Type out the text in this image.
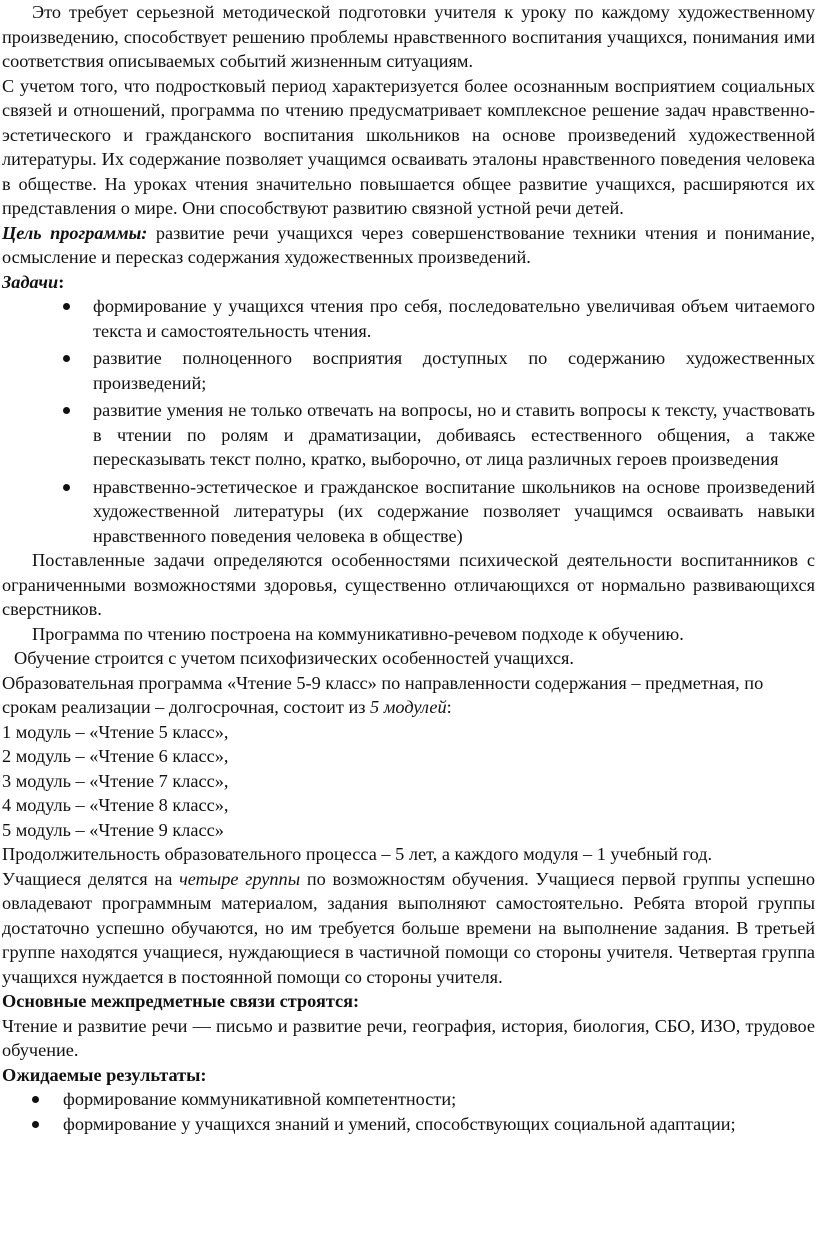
Это требует серьезной методической подготовки учителя к уроку по каждому художественному произведению, способствует решению проблемы нравственного воспитания учащихся, понимания ими соответствия описываемых событий жизненным ситуациям.

С учетом того, что подростковый период характеризуется более осознанным восприятием социальных связей и отношений, программа по чтению предусматривает комплексное решение задач нравственно-эстетического и гражданского воспитания школьников на основе произведений художественной литературы. Их содержание позволяет учащимся осваивать эталоны нравственного поведения человека в обществе. На уроках чтения значительно повышается общее развитие учащихся, расширяются их представления о мире. Они способствуют развитию связной устной речи детей.

Цель программы: развитие речи учащихся через совершенствование техники чтения и понимание, осмысление и пересказ содержания художественных произведений.

Задачи:

формирование у учащихся чтения про себя, последовательно увеличивая объем читаемого текста и самостоятельность чтения.
развитие полноценного восприятия доступных по содержанию художественных произведений;
развитие умения не только отвечать на вопросы, но и ставить вопросы к тексту, участвовать в чтении по ролям и драматизации, добиваясь естественного общения, а также пересказывать текст полно, кратко, выборочно, от лица различных героев произведения
нравственно-эстетическое и гражданское воспитание школьников на основе произведений художественной литературы (их содержание позволяет учащимся осваивать навыки нравственного поведения человека в обществе)

Поставленные задачи определяются особенностями психической деятельности воспитанников с ограниченными возможностями здоровья, существенно отличающихся от нормально развивающихся сверстников.

Программа по чтению построена на коммуникативно-речевом подходе к обучению.

Обучение строится с учетом психофизических особенностей учащихся.

Образовательная программа «Чтение 5-9 класс» по направленности содержания – предметная, по срокам реализации – долгосрочная, состоит из 5 модулей:

1 модуль – «Чтение 5 класс»,
2 модуль – «Чтение 6 класс»,
3 модуль – «Чтение 7 класс»,
4 модуль – «Чтение 8 класс»,
5 модуль – «Чтение 9 класс»

Продолжительность образовательного процесса – 5 лет, а каждого модуля – 1 учебный год.

Учащиеся делятся на четыре группы по возможностям обучения. Учащиеся первой группы успешно овладевают программным материалом, задания выполняют самостоятельно. Ребята второй группы достаточно успешно обучаются, но им требуется больше времени на выполнение задания. В третьей группе находятся учащиеся, нуждающиеся в частичной помощи со стороны учителя. Четвертая группа учащихся нуждается в постоянной помощи со стороны учителя.

Основные межпредметные связи строятся:

Чтение и развитие речи — письмо и развитие речи, география, история, биология, СБО, ИЗО, трудовое обучение.

Ожидаемые результаты:

формирование коммуникативной компетентности;
формирование у учащихся знаний и умений, способствующих социальной адаптации;
